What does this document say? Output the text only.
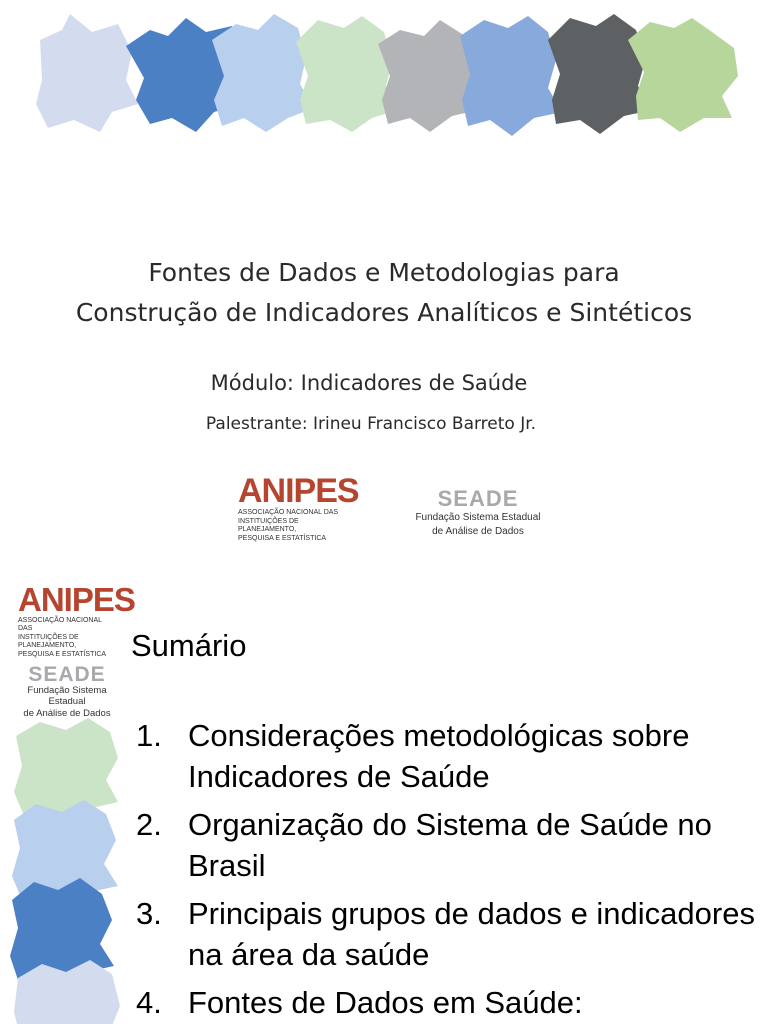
Fontes de Dados e Metodologias para
Construção de Indicadores Analíticos e Sintéticos
Módulo: Indicadores de Saúde
Palestrante: Irineu Francisco Barreto Jr.
ANIPES
ASSOCIAÇÃO NACIONAL DAS
INSTITUIÇÕES DE PLANEJAMENTO,
PESQUISA E ESTATÍSTICA
SEADE
Fundação Sistema Estadual
de Análise de Dados
ANIPES
ASSOCIAÇÃO NACIONAL DAS
INSTITUIÇÕES DE PLANEJAMENTO,
PESQUISA E ESTATÍSTICA
SEADE
Fundação Sistema Estadual
de Análise de Dados
Sumário
1. Considerações metodológicas sobre Indicadores de Saúde
2. Organização do Sistema de Saúde no Brasil
3. Principais grupos de dados e indicadores na área da saúde
4. Fontes de Dados em Saúde:
